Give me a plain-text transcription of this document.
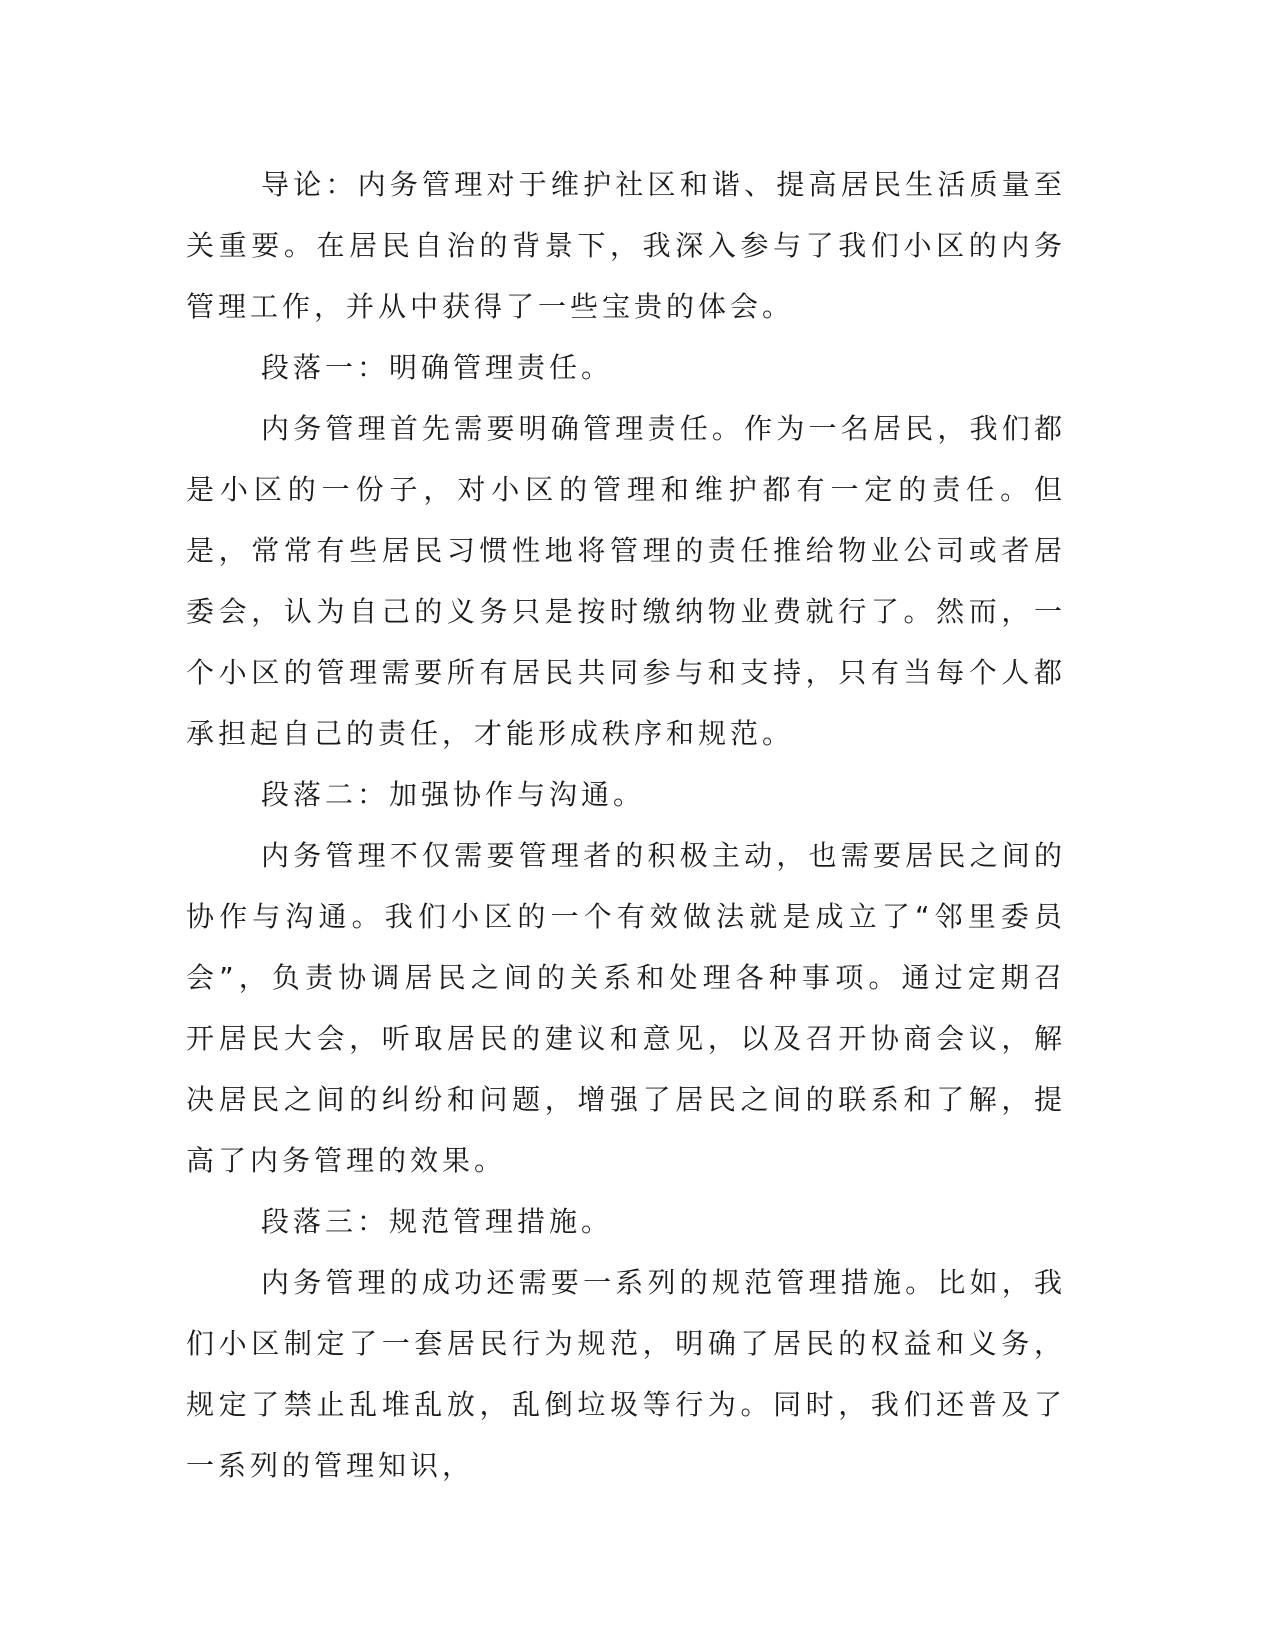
导论：内务管理对于维护社区和谐、提高居民生活质量至关重要。在居民自治的背景下，我深入参与了我们小区的内务管理工作，并从中获得了一些宝贵的体会。

段落一：明确管理责任。

内务管理首先需要明确管理责任。作为一名居民，我们都是小区的一份子，对小区的管理和维护都有一定的责任。但是，常常有些居民习惯性地将管理的责任推给物业公司或者居委会，认为自己的义务只是按时缴纳物业费就行了。然而，一个小区的管理需要所有居民共同参与和支持，只有当每个人都承担起自己的责任，才能形成秩序和规范。

段落二：加强协作与沟通。

内务管理不仅需要管理者的积极主动，也需要居民之间的协作与沟通。我们小区的一个有效做法就是成立了“邻里委员会”，负责协调居民之间的关系和处理各种事项。通过定期召开居民大会，听取居民的建议和意见，以及召开协商会议，解决居民之间的纠纷和问题，增强了居民之间的联系和了解，提高了内务管理的效果。

段落三：规范管理措施。

内务管理的成功还需要一系列的规范管理措施。比如，我们小区制定了一套居民行为规范，明确了居民的权益和义务，规定了禁止乱堆乱放，乱倒垃圾等行为。同时，我们还普及了一系列的管理知识，
